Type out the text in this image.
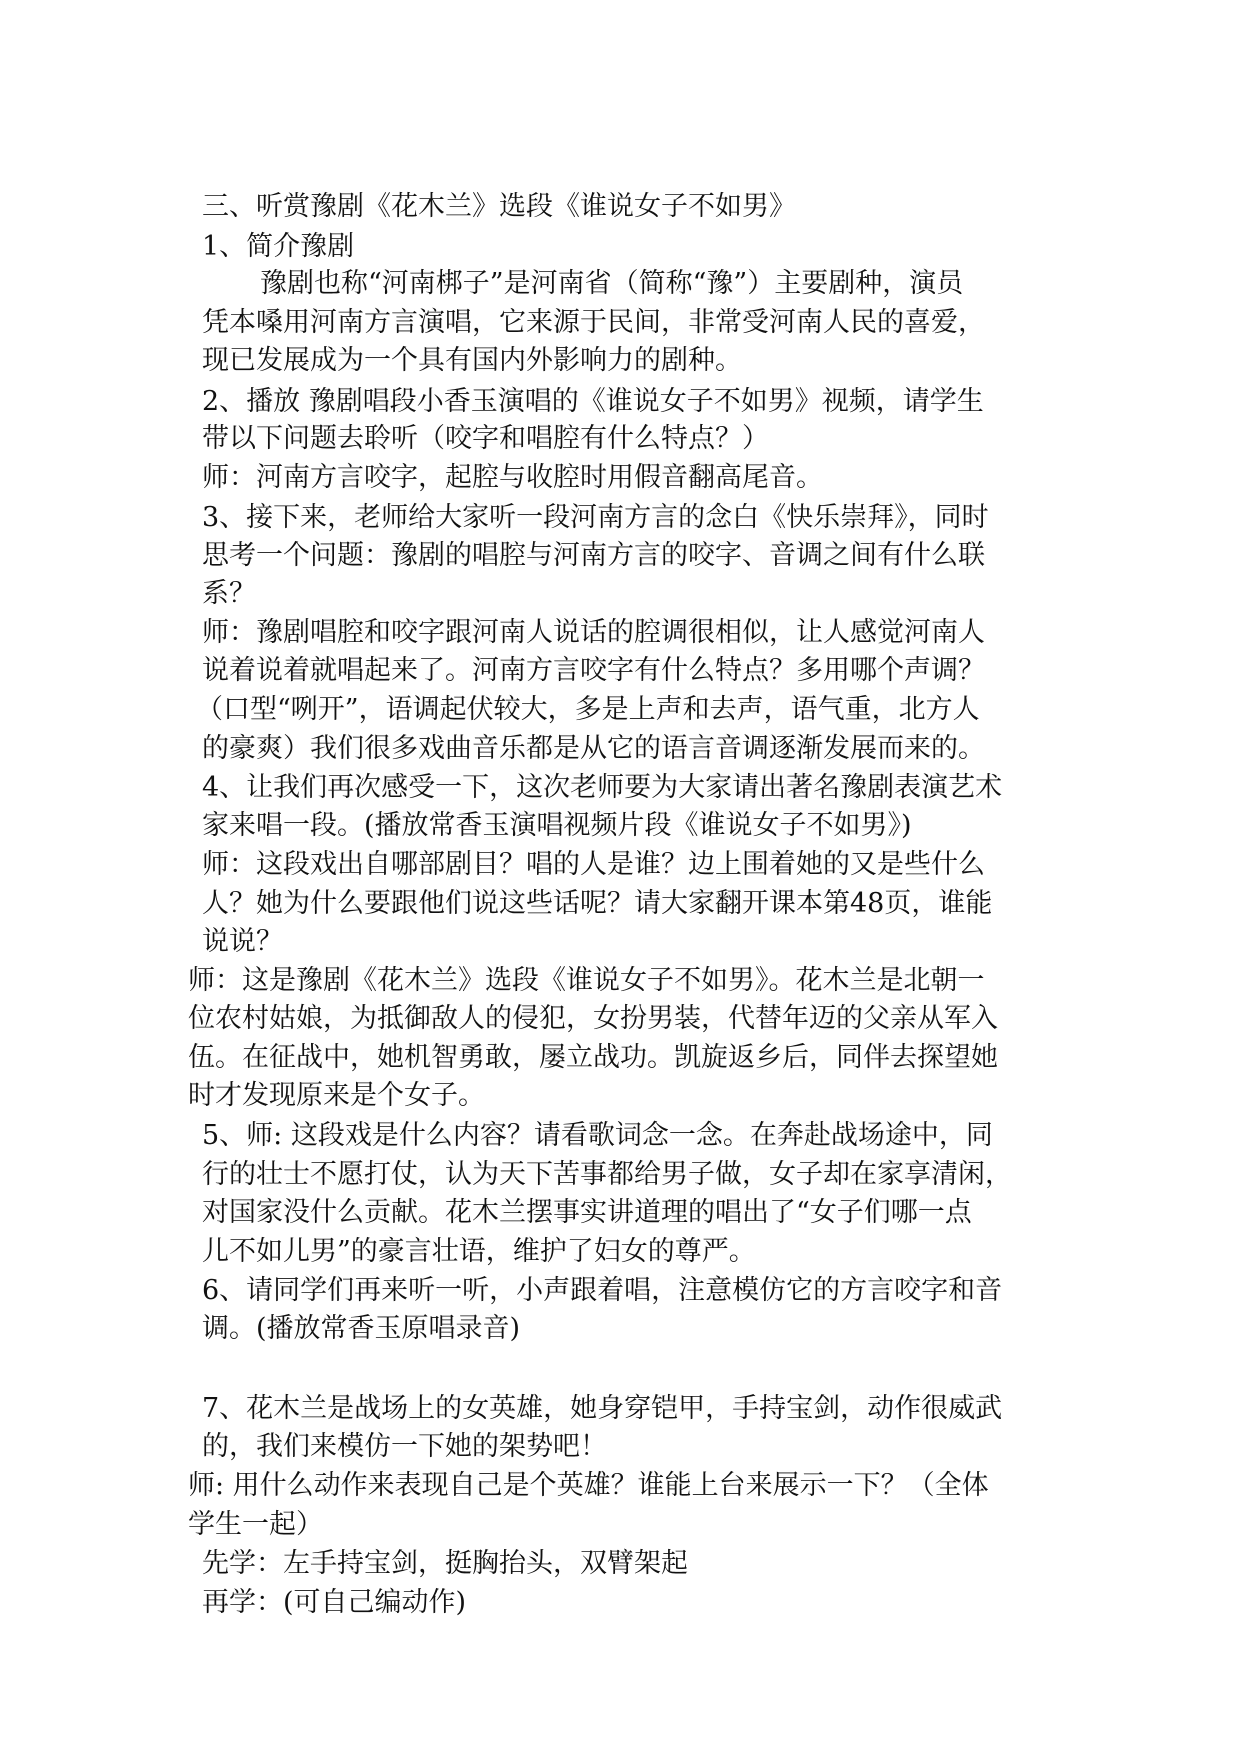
三、听赏豫剧《花木兰》选段《谁说女子不如男》
1、简介豫剧
豫剧也称“河南梆子”是河南省（简称“豫”）主要剧种，演员
凭本嗓用河南方言演唱，它来源于民间，非常受河南人民的喜爱，
现已发展成为一个具有国内外影响力的剧种。
2、播放 豫剧唱段小香玉演唱的《谁说女子不如男》视频，请学生
带以下问题去聆听（咬字和唱腔有什么特点？）
师：河南方言咬字，起腔与收腔时用假音翻高尾音。
3、接下来，老师给大家听一段河南方言的念白《快乐崇拜》，同时
思考一个问题：豫剧的唱腔与河南方言的咬字、音调之间有什么联
系？
师：豫剧唱腔和咬字跟河南人说话的腔调很相似，让人感觉河南人
说着说着就唱起来了。河南方言咬字有什么特点？多用哪个声调？
（口型“咧开”，语调起伏较大，多是上声和去声，语气重，北方人
的豪爽）我们很多戏曲音乐都是从它的语言音调逐渐发展而来的。
4、让我们再次感受一下，这次老师要为大家请出著名豫剧表演艺术
家来唱一段。(播放常香玉演唱视频片段《谁说女子不如男》)
师：这段戏出自哪部剧目？唱的人是谁？边上围着她的又是些什么
人？她为什么要跟他们说这些话呢？请大家翻开课本第48页，谁能
说说？
师：这是豫剧《花木兰》选段《谁说女子不如男》。花木兰是北朝一
位农村姑娘，为抵御敌人的侵犯，女扮男装，代替年迈的父亲从军入
伍。在征战中，她机智勇敢，屡立战功。凯旋返乡后，同伴去探望她
时才发现原来是个女子。
5、师: 这段戏是什么内容？请看歌词念一念。在奔赴战场途中，同
行的壮士不愿打仗，认为天下苦事都给男子做，女子却在家享清闲，
对国家没什么贡献。花木兰摆事实讲道理的唱出了“女子们哪一点
儿不如儿男”的豪言壮语，维护了妇女的尊严。
6、请同学们再来听一听，小声跟着唱，注意模仿它的方言咬字和音
调。(播放常香玉原唱录音)
7、花木兰是战场上的女英雄，她身穿铠甲，手持宝剑，动作很威武
的，我们来模仿一下她的架势吧！
师: 用什么动作来表现自己是个英雄？谁能上台来展示一下？（全体
学生一起）
先学：左手持宝剑，挺胸抬头，双臂架起
再学：(可自己编动作)
